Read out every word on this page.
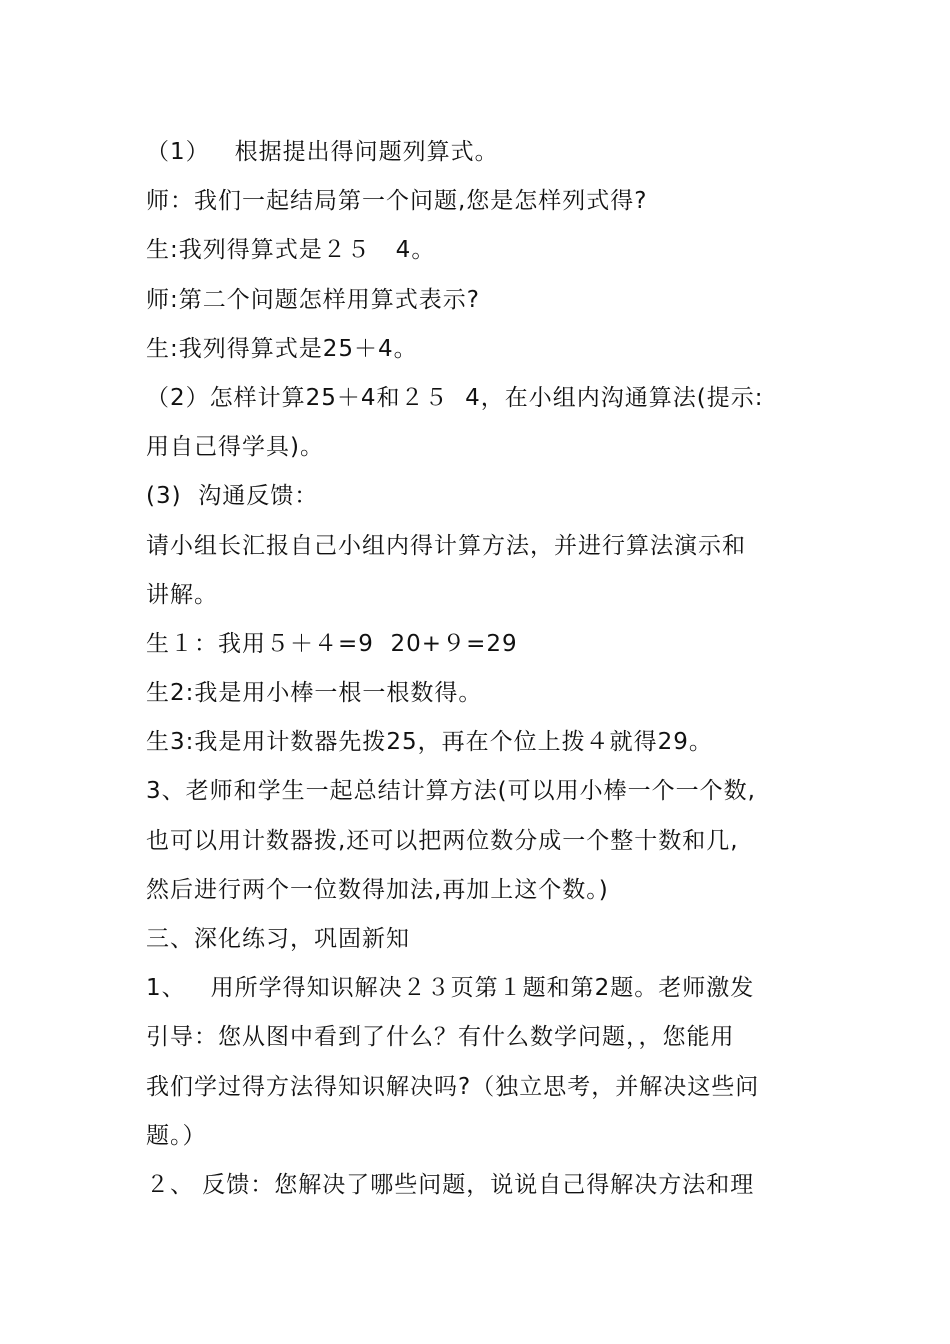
（1）   根据提出得问题列算式。
师：我们一起结局第一个问题,您是怎样列式得?
生:我列得算式是２５   4。
师:第二个问题怎样用算式表示?
生:我列得算式是25＋4。
（2）怎样计算25＋4和２５  4，在小组内沟通算法(提示:
用自己得学具)。
(3)  沟通反馈：
请小组长汇报自己小组内得计算方法，并进行算法演示和
讲解。
生１：我用５＋４=9  20+９=29
生2:我是用小棒一根一根数得。
生3:我是用计数器先拨25，再在个位上拨４就得29。
3、老师和学生一起总结计算方法(可以用小棒一个一个数,
也可以用计数器拨,还可以把两位数分成一个整十数和几,
然后进行两个一位数得加法,再加上这个数。)
三、深化练习，巩固新知
1、   用所学得知识解决２３页第１题和第2题。老师激发
引导：您从图中看到了什么？有什么数学问题，，您能用
我们学过得方法得知识解决吗?（独立思考，并解决这些问
题。）
２、 反馈：您解决了哪些问题，说说自己得解决方法和理
